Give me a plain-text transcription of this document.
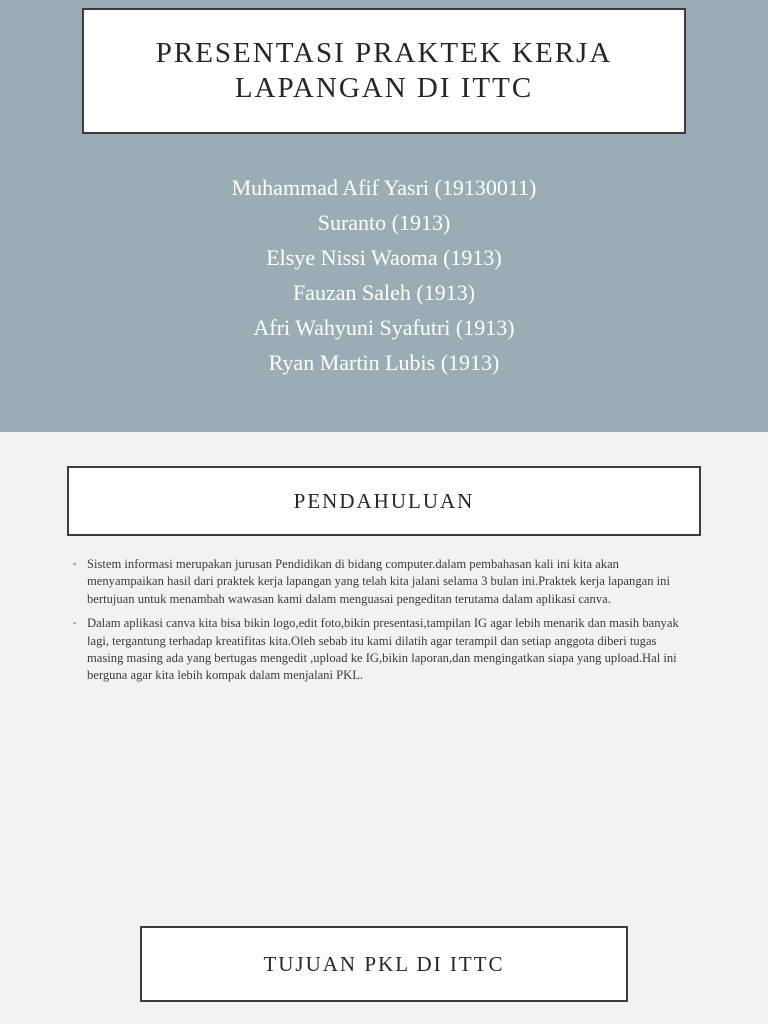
PRESENTASI PRAKTEK KERJA LAPANGAN DI ITTC
Muhammad Afif Yasri (19130011)
Suranto (1913)
Elsye Nissi Waoma (1913)
Fauzan Saleh (1913)
Afri Wahyuni Syafutri (1913)
Ryan Martin Lubis (1913)
PENDAHULUAN
▪ Sistem informasi merupakan jurusan Pendidikan di bidang computer.dalam pembahasan kali ini kita akan menyampaikan hasil dari praktek kerja lapangan yang telah kita jalani selama 3 bulan ini.Praktek kerja lapangan ini bertujuan untuk menambah wawasan kami dalam menguasai pengeditan terutama dalam aplikasi canva.
▪ Dalam aplikasi canva kita bisa bikin logo,edit foto,bikin presentasi,tampilan IG agar lebih menarik dan masih banyak lagi, tergantung terhadap kreatifitas kita.Oleh sebab itu kami dilatih agar terampil dan setiap anggota diberi tugas masing masing ada yang bertugas mengedit ,upload ke IG,bikin laporan,dan mengingatkan siapa yang upload.Hal ini berguna agar kita lebih kompak dalam menjalani PKL.
TUJUAN PKL DI ITTC
